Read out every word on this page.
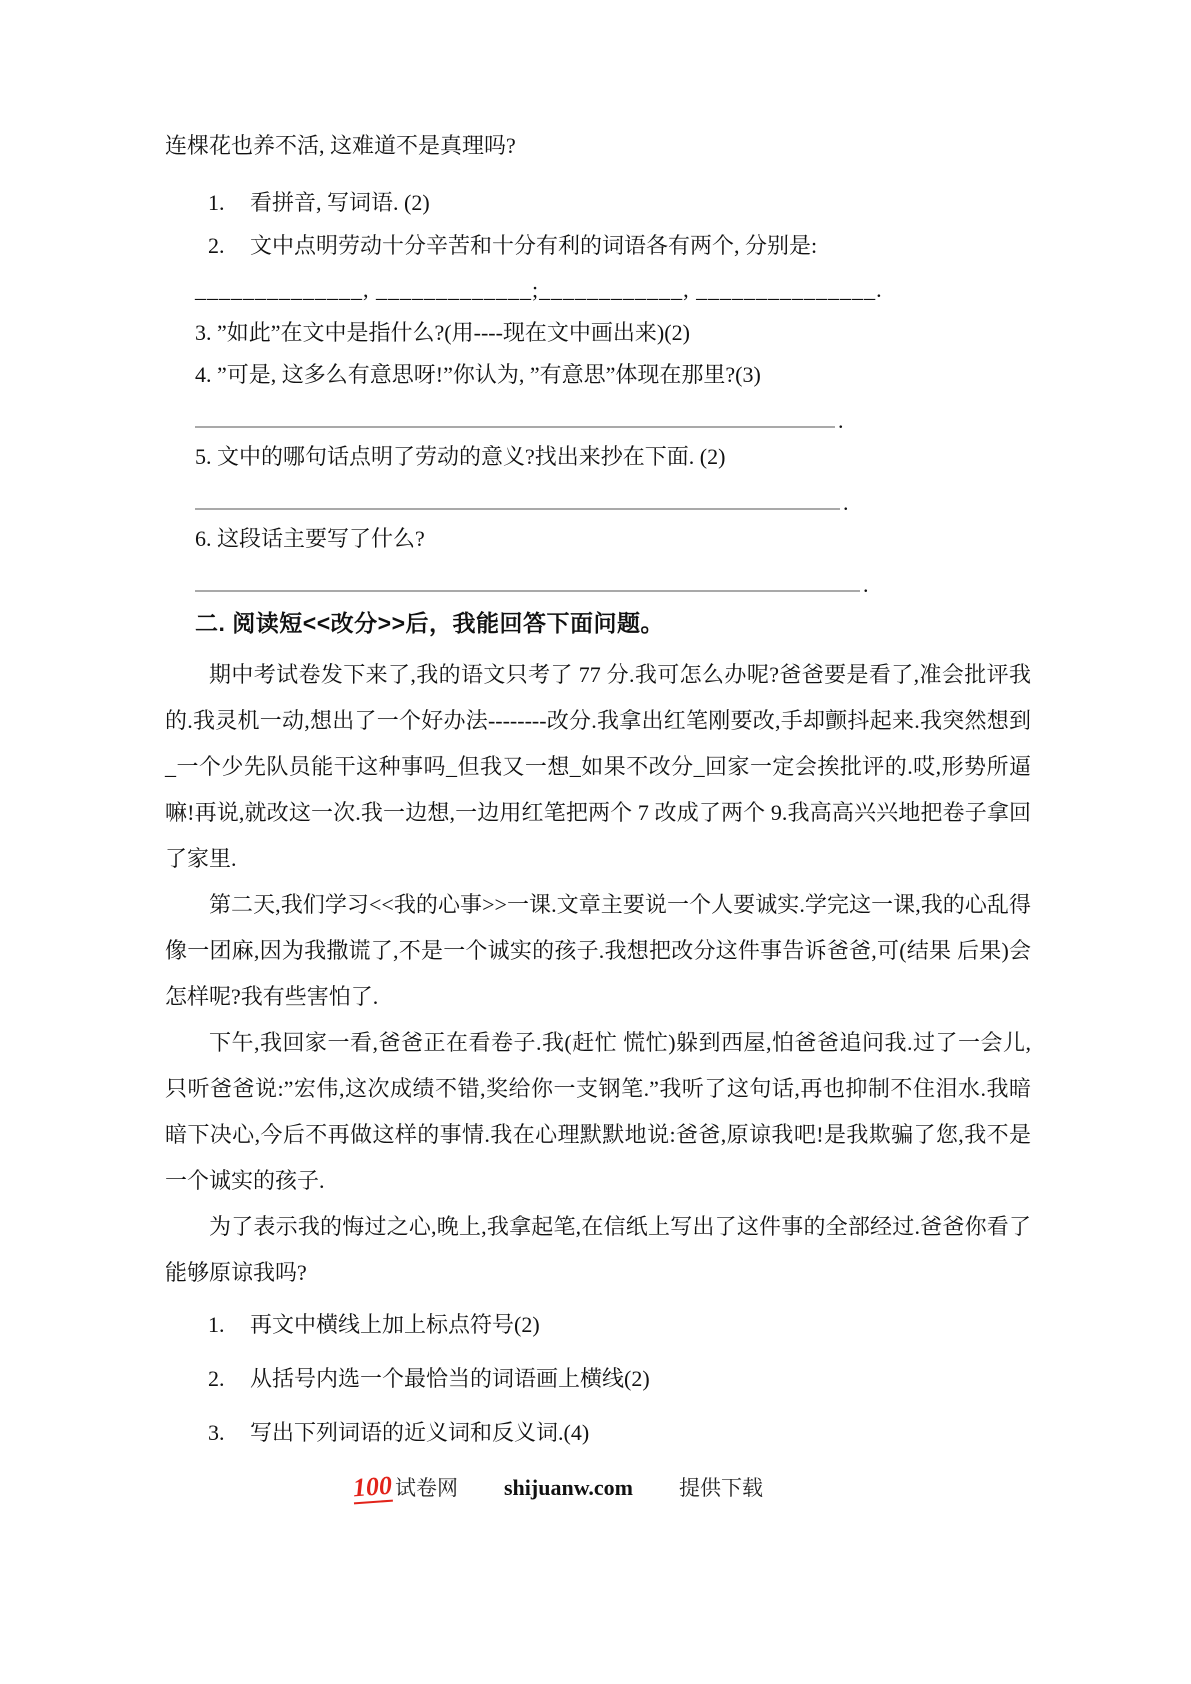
连棵花也养不活, 这难道不是真理吗?
1. 看拼音, 写词语. (2)
2. 文中点明劳动十分辛苦和十分有利的词语各有两个, 分别是:
______________, _____________;____________, _______________.
3. ”如此”在文中是指什么?(用----现在文中画出来)(2)
4. ”可是, 这多么有意思呀!”你认为, ”有意思”体现在那里?(3)
.
5. 文中的哪句话点明了劳动的意义?找出来抄在下面. (2)
.
6. 这段话主要写了什么?
.
二. 阅读短<<改分>>后，我能回答下面问题。

期中考试卷发下来了,我的语文只考了 77 分.我可怎么办呢?爸爸要是看了,准会批评我的.我灵机一动,想出了一个好办法--------改分.我拿出红笔刚要改,手却颤抖起来.我突然想到_一个少先队员能干这种事吗_但我又一想_如果不改分_回家一定会挨批评的.哎,形势所逼嘛!再说,就改这一次.我一边想,一边用红笔把两个 7 改成了两个 9.我高高兴兴地把卷子拿回了家里.

第二天,我们学习<<我的心事>>一课.文章主要说一个人要诚实.学完这一课,我的心乱得像一团麻,因为我撒谎了,不是一个诚实的孩子.我想把改分这件事告诉爸爸,可(结果 后果)会怎样呢?我有些害怕了.

下午,我回家一看,爸爸正在看卷子.我(赶忙 慌忙)躲到西屋,怕爸爸追问我.过了一会儿,只听爸爸说:”宏伟,这次成绩不错,奖给你一支钢笔.”我听了这句话,再也抑制不住泪水.我暗暗下决心,今后不再做这样的事情.我在心理默默地说:爸爸,原谅我吧!是我欺骗了您,我不是一个诚实的孩子.

为了表示我的悔过之心,晚上,我拿起笔,在信纸上写出了这件事的全部经过.爸爸你看了能够原谅我吗?

1. 再文中横线上加上标点符号(2)
2. 从括号内选一个最恰当的词语画上横线(2)
3. 写出下列词语的近义词和反义词.(4)
100 试卷网 shijuanw.com 提供下载
